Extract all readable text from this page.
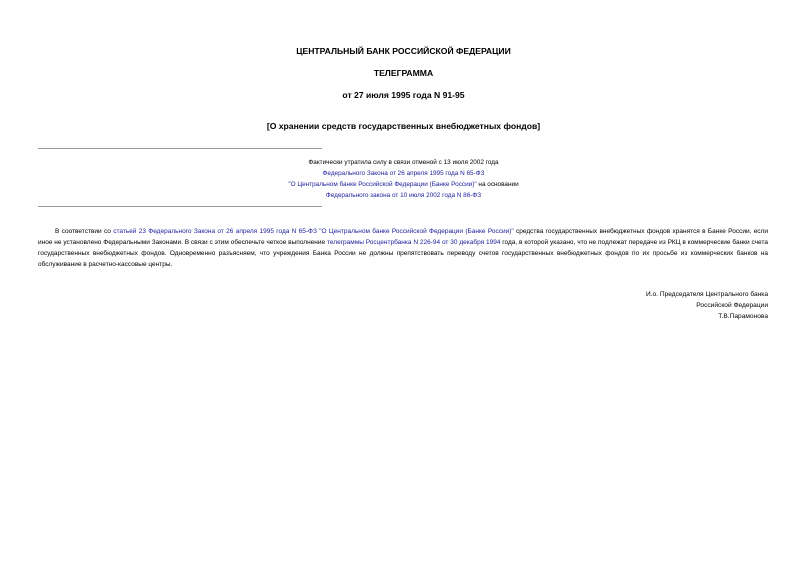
ЦЕНТРАЛЬНЫЙ БАНК РОССИЙСКОЙ ФЕДЕРАЦИИ
ТЕЛЕГРАММА
от 27 июля 1995 года N 91-95
[О хранении средств государственных внебюджетных фондов]
Фактически утратила силу в связи отменой с 13 июля 2002 года
Федерального Закона от 26 апреля 1995 года N 65-ФЗ
"О Центральном банке Российской Федерации (Банке России)" на основании
Федерального закона от 10 июля 2002 года N 86-ФЗ
В соответствии со статьей 23 Федерального Закона от 26 апреля 1995 года N 65-ФЗ "О Центральном банке Российской Федерации (Банке России)" средства государственных внебюджетных фондов хранятся в Банке России, если иное не установлено Федеральными Законами. В связи с этим обеспечьте четкое выполнение телеграммы Росцентрбанка N 226-94 от 30 декабря 1994 года, в которой указано, что не подлежат передаче из РКЦ в коммерческие банки счета государственных внебюджетных фондов. Одновременно разъясняем, что учреждения Банка России не должны препятствовать переводу счетов государственных внебюджетных фондов по их просьбе из коммерческих банков на обслуживание в расчетно-кассовые центры.
И.о. Председателя Центрального банка
Российской Федерации
Т.В.Парамонова
